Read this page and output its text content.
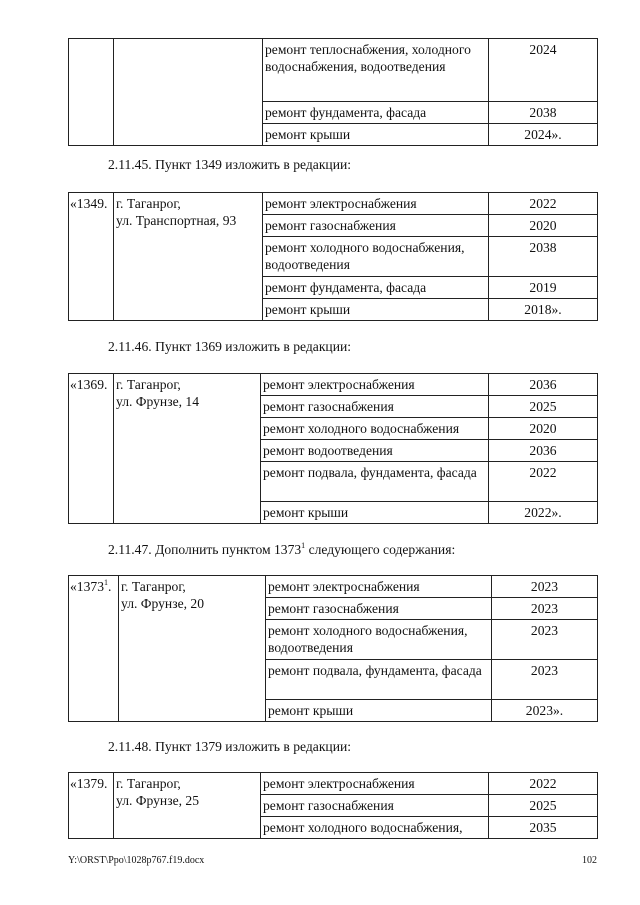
		ремонт теплоснабжения, холодного водоснабжения, водоотведения	2024
		ремонт фундамента, фасада	2038
		ремонт крыши	2024».
2.11.45. Пункт 1349 изложить в редакции:
«1349.	г. Таганрог,
ул. Транспортная, 93	ремонт электроснабжения	2022
		ремонт газоснабжения	2020
		ремонт холодного водоснабжения, водоотведения	2038
		ремонт фундамента, фасада	2019
		ремонт крыши	2018».
2.11.46. Пункт 1369 изложить в редакции:
«1369.	г. Таганрог,
ул. Фрунзе, 14	ремонт электроснабжения	2036
		ремонт газоснабжения	2025
		ремонт холодного водоснабжения	2020
		ремонт водоотведения	2036
		ремонт подвала, фундамента, фасада	2022
		ремонт крыши	2022».
2.11.47. Дополнить пунктом 1373$^1$ следующего содержания:
«1373$^1$.	г. Таганрог,
ул. Фрунзе, 20	ремонт электроснабжения	2023
		ремонт газоснабжения	2023
		ремонт холодного водоснабжения, водоотведения	2023
		ремонт подвала, фундамента, фасада	2023
		ремонт крыши	2023».
2.11.48. Пункт 1379 изложить в редакции:
«1379.	г. Таганрог,
ул. Фрунзе, 25	ремонт электроснабжения	2022
		ремонт газоснабжения	2025
		ремонт холодного водоснабжения,	2035
Y:\ORST\Ppo\1028p767.f19.docx	102
